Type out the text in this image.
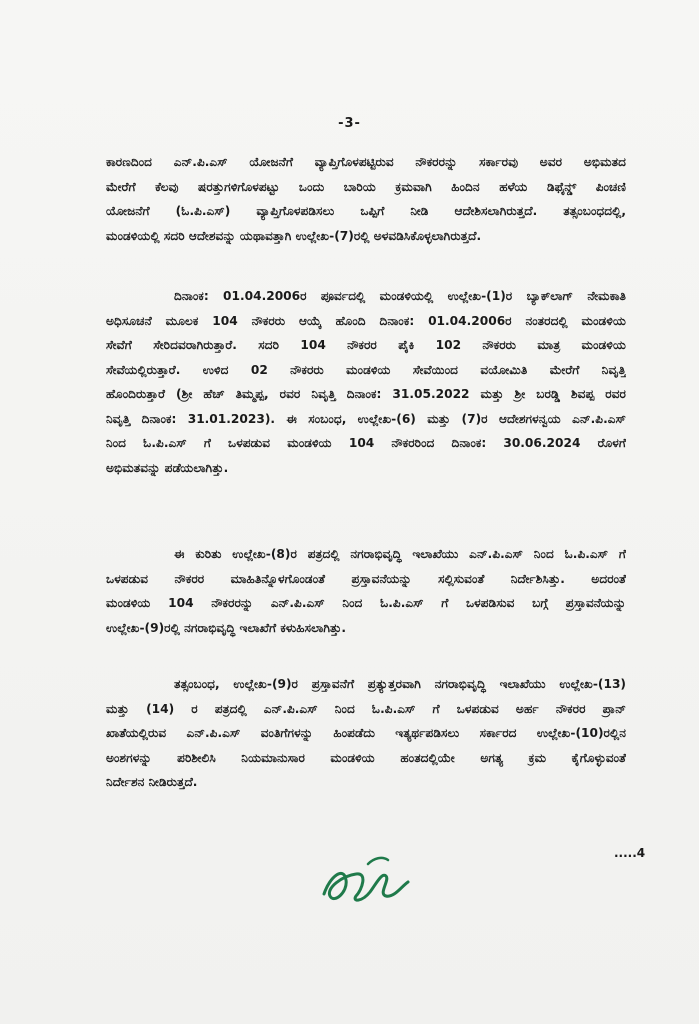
-3-
ಕಾರಣದಿಂದ ಎನ್.ಪಿ.ಎಸ್ ಯೋಜನೆಗೆ ವ್ಯಾಪ್ತಿಗೊಳಪಟ್ಟಿರುವ ನೌಕರರನ್ನು ಸರ್ಕಾರವು ಅವರ ಅಭಿಮತದ
ಮೇರೆಗೆ ಕೆಲವು ಷರತ್ತುಗಳಿಗೊಳಪಟ್ಟು ಒಂದು ಬಾರಿಯ ಕ್ರಮವಾಗಿ ಹಿಂದಿನ ಹಳೆಯ ಡಿಫೈನ್ಡ್ ಪಿಂಚಣಿ
ಯೋಜನೆಗೆ (ಓ.ಪಿ.ಎಸ್) ವ್ಯಾಪ್ತಿಗೊಳಪಡಿಸಲು ಒಪ್ಪಿಗೆ ನೀಡಿ ಆದೇಶಿಸಲಾಗಿರುತ್ತದೆ. ತತ್ಸಂಬಂಧದಲ್ಲಿ,
ಮಂಡಳಿಯಲ್ಲಿ ಸದರಿ ಆದೇಶವನ್ನು ಯಥಾವತ್ತಾಗಿ ಉಲ್ಲೇಖ-(7)ರಲ್ಲಿ ಅಳವಡಿಸಿಕೊಳ್ಳಲಾಗಿರುತ್ತದೆ.
ದಿನಾಂಕ: 01.04.2006ರ ಪೂರ್ವದಲ್ಲಿ ಮಂಡಳಿಯಲ್ಲಿ ಉಲ್ಲೇಖ-(1)ರ ಬ್ಯಾಕ್‌ಲಾಗ್ ನೇಮಕಾತಿ
ಅಧಿಸೂಚನೆ ಮೂಲಕ 104 ನೌಕರರು ಆಯ್ಕೆ ಹೊಂದಿ ದಿನಾಂಕ: 01.04.2006ರ ನಂತರದಲ್ಲಿ ಮಂಡಳಿಯ
ಸೇವೆಗೆ ಸೇರಿದವರಾಗಿರುತ್ತಾರೆ. ಸದರಿ 104 ನೌಕರರ ಪೈಕಿ 102 ನೌಕರರು ಮಾತ್ರ ಮಂಡಳಿಯ
ಸೇವೆಯಲ್ಲಿರುತ್ತಾರೆ. ಉಳಿದ 02 ನೌಕರರು ಮಂಡಳಿಯ ಸೇವೆಯಿಂದ ವಯೋಮಿತಿ ಮೇರೆಗೆ ನಿವೃತ್ತಿ
ಹೊಂದಿರುತ್ತಾರೆ (ಶ್ರೀ ಹೆಚ್ ತಿಮ್ಮಪ್ಪ, ರವರ ನಿವೃತ್ತಿ ದಿನಾಂಕ: 31.05.2022 ಮತ್ತು ಶ್ರೀ ಬರಡ್ಡಿ ಶಿವಪ್ಪ ರವರ
ನಿವೃತ್ತಿ ದಿನಾಂಕ: 31.01.2023). ಈ ಸಂಬಂಧ, ಉಲ್ಲೇಖ-(6) ಮತ್ತು (7)ರ ಆದೇಶಗಳನ್ವಯ ಎನ್.ಪಿ.ಎಸ್
ನಿಂದ ಓ.ಪಿ.ಎಸ್ ಗೆ ಒಳಪಡುವ ಮಂಡಳಿಯ 104 ನೌಕರರಿಂದ ದಿನಾಂಕ: 30.06.2024 ರೊಳಗೆ
ಅಭಿಮತವನ್ನು ಪಡೆಯಲಾಗಿತ್ತು.
ಈ ಕುರಿತು ಉಲ್ಲೇಖ-(8)ರ ಪತ್ರದಲ್ಲಿ ನಗರಾಭಿವೃದ್ಧಿ ಇಲಾಖೆಯು ಎನ್.ಪಿ.ಎಸ್ ನಿಂದ ಓ.ಪಿ.ಎಸ್ ಗೆ
ಒಳಪಡುವ ನೌಕರರ ಮಾಹಿತಿನ್ನೊಳಗೊಂಡಂತೆ ಪ್ರಸ್ತಾವನೆಯನ್ನು ಸಲ್ಲಿಸುವಂತೆ ನಿರ್ದೇಶಿಸಿತ್ತು. ಅದರಂತೆ
ಮಂಡಳಿಯ 104 ನೌಕರರನ್ನು ಎನ್.ಪಿ.ಎಸ್ ನಿಂದ ಓ.ಪಿ.ಎಸ್ ಗೆ ಒಳಪಡಿಸುವ ಬಗ್ಗೆ ಪ್ರಸ್ತಾವನೆಯನ್ನು
ಉಲ್ಲೇಖ-(9)ರಲ್ಲಿ ನಗರಾಭಿವೃದ್ಧಿ ಇಲಾಖೆಗೆ ಕಳುಹಿಸಲಾಗಿತ್ತು.
ತತ್ಸಂಬಂಧ, ಉಲ್ಲೇಖ-(9)ರ ಪ್ರಸ್ತಾವನೆಗೆ ಪ್ರತ್ಯುತ್ತರವಾಗಿ ನಗರಾಭಿವೃದ್ಧಿ ಇಲಾಖೆಯು ಉಲ್ಲೇಖ-(13)
ಮತ್ತು (14) ರ ಪತ್ರದಲ್ಲಿ ಎನ್.ಪಿ.ಎಸ್ ನಿಂದ ಓ.ಪಿ.ಎಸ್ ಗೆ ಒಳಪಡುವ ಅರ್ಹ ನೌಕರರ ಪ್ರಾನ್
ಖಾತೆಯಲ್ಲಿರುವ ಎನ್.ಪಿ.ಎಸ್ ವಂತಿಗೆಗಳನ್ನು ಹಿಂಪಡೆದು ಇತ್ಯರ್ಥಪಡಿಸಲು ಸರ್ಕಾರದ ಉಲ್ಲೇಖ-(10)ರಲ್ಲಿನ
ಅಂಶಗಳನ್ನು ಪರಿಶೀಲಿಸಿ ನಿಯಮಾನುಸಾರ ಮಂಡಳಿಯ ಹಂತದಲ್ಲಿಯೇ ಅಗತ್ಯ ಕ್ರಮ ಕೈಗೊಳ್ಳುವಂತೆ
ನಿರ್ದೇಶನ ನೀಡಿರುತ್ತದೆ.
.....4
